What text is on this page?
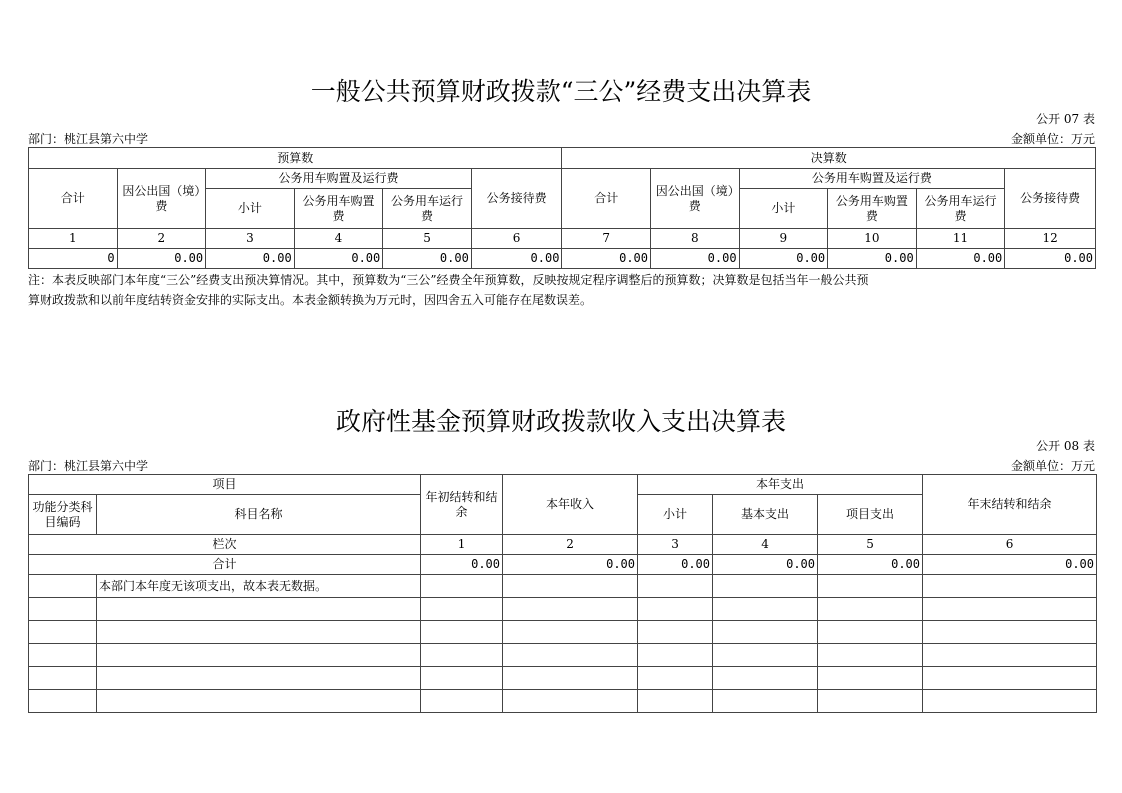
一般公共预算财政拨款“三公”经费支出决算表
公开 07 表
部门：桃江县第六中学	金额单位：万元
预算数						决算数					
合计	因公出国（境）费	公务用车购置及运行费			公务接待费	合计	因公出国（境）费	公务用车购置及运行费			公务接待费
		小计	公务用车购置费	公务用车运行费				小计	公务用车购置费	公务用车运行费	
1	2	3	4	5	6	7	8	9	10	11	12
0	0.00	0.00	0.00	0.00	0.00	0.00	0.00	0.00	0.00	0.00	0.00
注：本表反映部门本年度“三公”经费支出预决算情况。其中，预算数为“三公”经费全年预算数，反映按规定程序调整后的预算数；决算数是包括当年一般公共预
算财政拨款和以前年度结转资金安排的实际支出。本表金额转换为万元时，因四舍五入可能存在尾数误差。
政府性基金预算财政拨款收入支出决算表
公开 08 表
部门：桃江县第六中学	金额单位：万元
项目		年初结转和结余	本年收入	本年支出			年末结转和结余
功能分类科目编码	科目名称			小计	基本支出	项目支出	
栏次		1	2	3	4	5	6
合计		0.00	0.00	0.00	0.00	0.00	0.00
	本部门本年度无该项支出，故本表无数据。						
